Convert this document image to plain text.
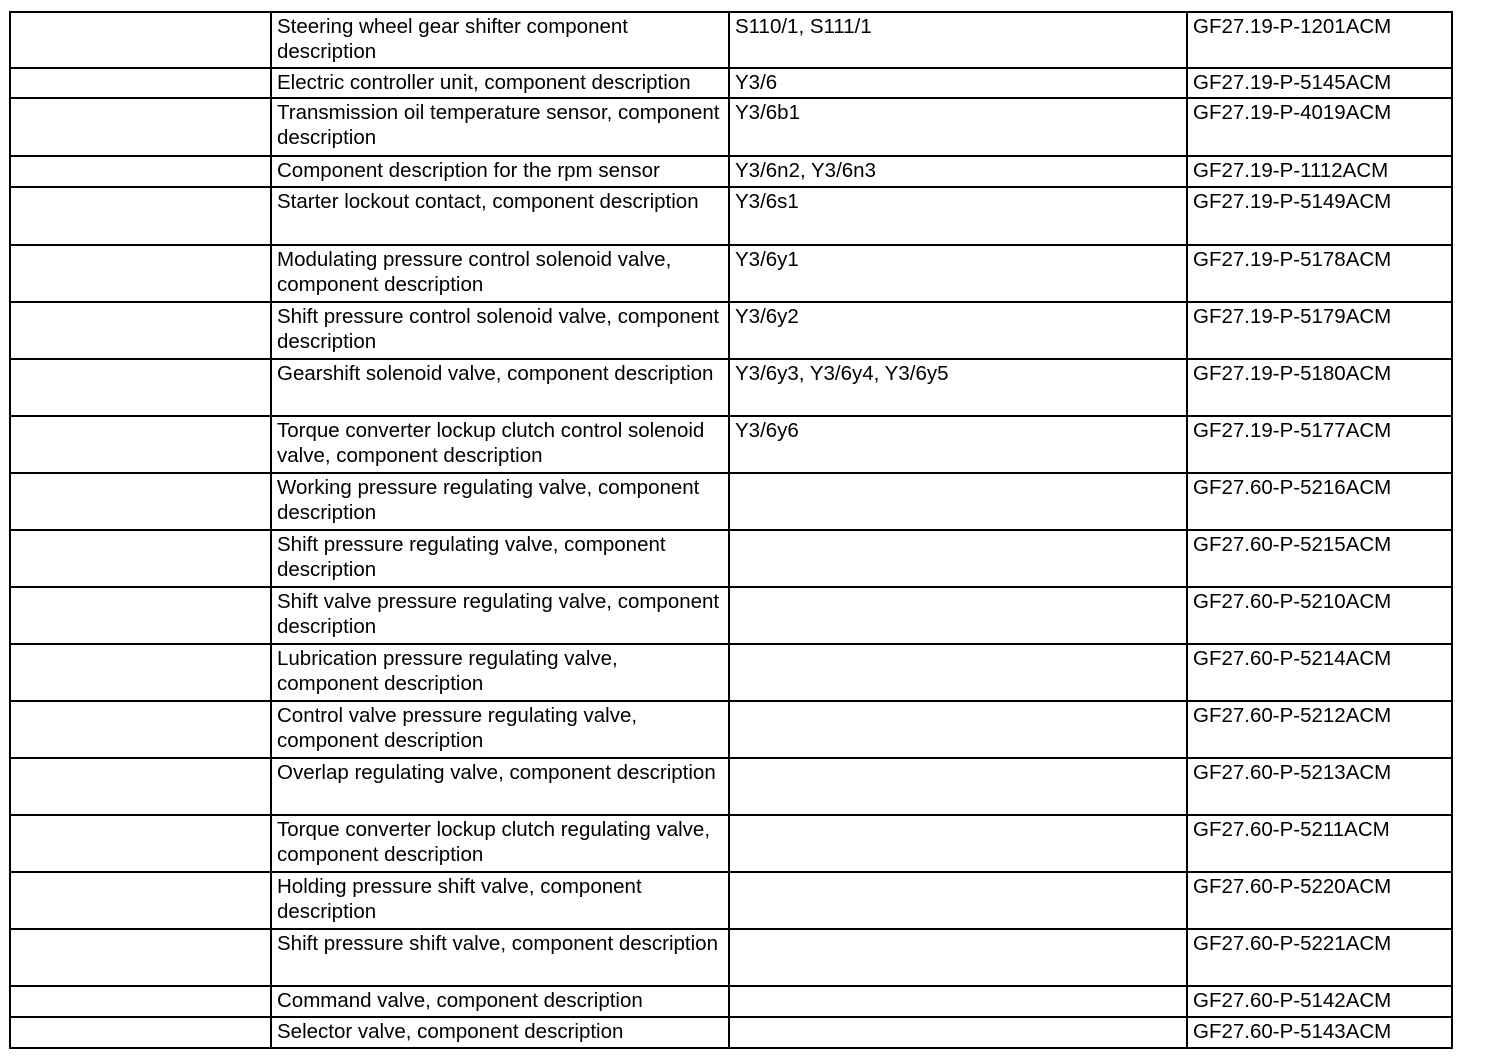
	Steering wheel gear shifter component description	S110/1, S111/1	GF27.19-P-1201ACM
	Electric controller unit, component description	Y3/6	GF27.19-P-5145ACM
	Transmission oil temperature sensor, component description	Y3/6b1	GF27.19-P-4019ACM
	Component description for the rpm sensor	Y3/6n2, Y3/6n3	GF27.19-P-1112ACM
	Starter lockout contact, component description	Y3/6s1	GF27.19-P-5149ACM
	Modulating pressure control solenoid valve, component description	Y3/6y1	GF27.19-P-5178ACM
	Shift pressure control solenoid valve, component description	Y3/6y2	GF27.19-P-5179ACM
	Gearshift solenoid valve, component description	Y3/6y3, Y3/6y4, Y3/6y5	GF27.19-P-5180ACM
	Torque converter lockup clutch control solenoid valve, component description	Y3/6y6	GF27.19-P-5177ACM
	Working pressure regulating valve, component description		GF27.60-P-5216ACM
	Shift pressure regulating valve, component description		GF27.60-P-5215ACM
	Shift valve pressure regulating valve, component description		GF27.60-P-5210ACM
	Lubrication pressure regulating valve, component description		GF27.60-P-5214ACM
	Control valve pressure regulating valve, component description		GF27.60-P-5212ACM
	Overlap regulating valve, component description		GF27.60-P-5213ACM
	Torque converter lockup clutch regulating valve, component description		GF27.60-P-5211ACM
	Holding pressure shift valve, component description		GF27.60-P-5220ACM
	Shift pressure shift valve, component description		GF27.60-P-5221ACM
	Command valve, component description		GF27.60-P-5142ACM
	Selector valve, component description		GF27.60-P-5143ACM
